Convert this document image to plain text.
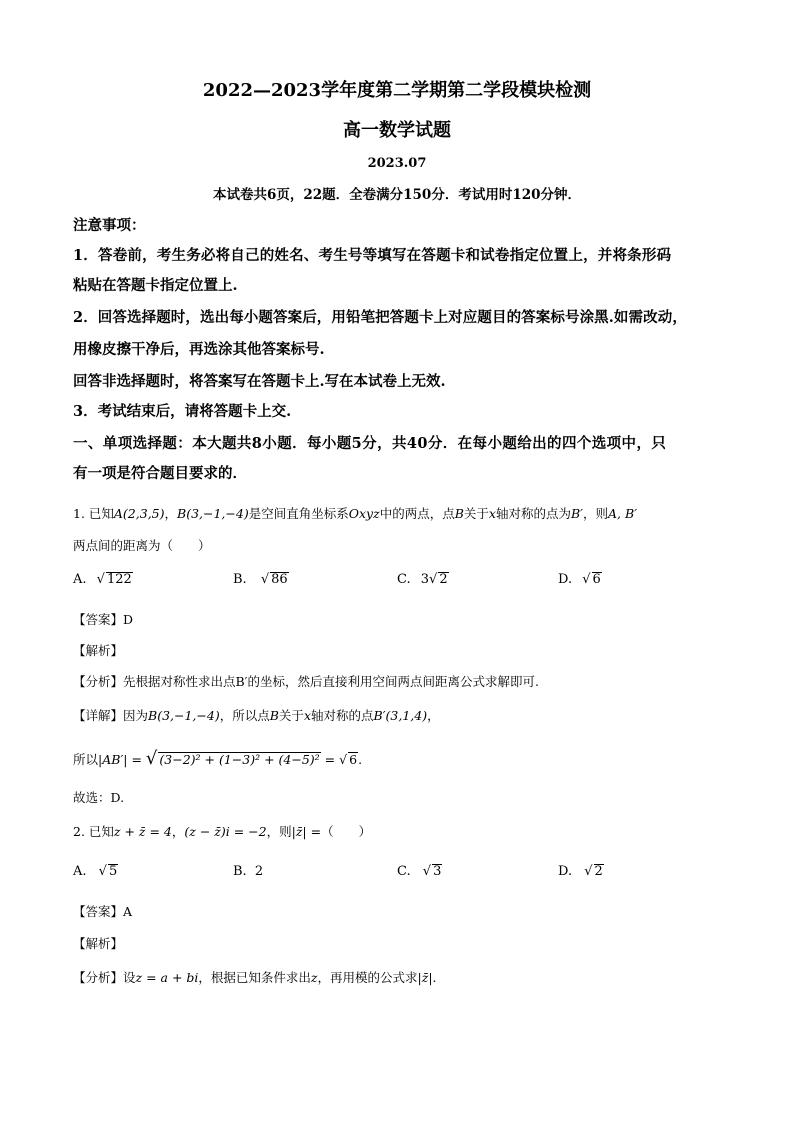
2022—2023学年度第二学期第二学段模块检测
高一数学试题
2023.07
本试卷共6页，22题．全卷满分150分．考试用时120分钟．
注意事项：
1．答卷前，考生务必将自己的姓名、考生号等填写在答题卡和试卷指定位置上，并将条形码
粘贴在答题卡指定位置上.
2．回答选择题时，选出每小题答案后，用铅笔把答题卡上对应题目的答案标号涂黑.如需改动，
用橡皮擦干净后，再选涂其他答案标号.
回答非选择题时，将答案写在答题卡上.写在本试卷上无效.
3．考试结束后，请将答题卡上交.
一、单项选择题：本大题共8小题．每小题5分，共40分．在每小题给出的四个选项中，只
有一项是符合题目要求的．
1. 已知A(2,3,5)，B(3,−1,−4)是空间直角坐标系Oxyz中的两点，点B关于x轴对称的点为B′，则A, B′
两点间的距离为（　　）
A. √ 122	B. √ 86	C. 3√ 2	D. √ 6
【答案】D
【解析】
【分析】先根据对称性求出点B′的坐标，然后直接利用空间两点间距离公式求解即可.
【详解】因为B(3,−1,−4)，所以点B关于x轴对称的点B′(3,1,4)，
所以|AB′| = √ (3−2)² + (1−3)² + (4−5)² = √ 6.
故选：D.
2. 已知z + z̄ = 4，(z − z̄)i = −2，则|z̄| =（　　）
A. √ 5	B. 2	C. √ 3	D. √ 2
【答案】A
【解析】
【分析】设z = a + bi，根据已知条件求出z，再用模的公式求|z̄|.
